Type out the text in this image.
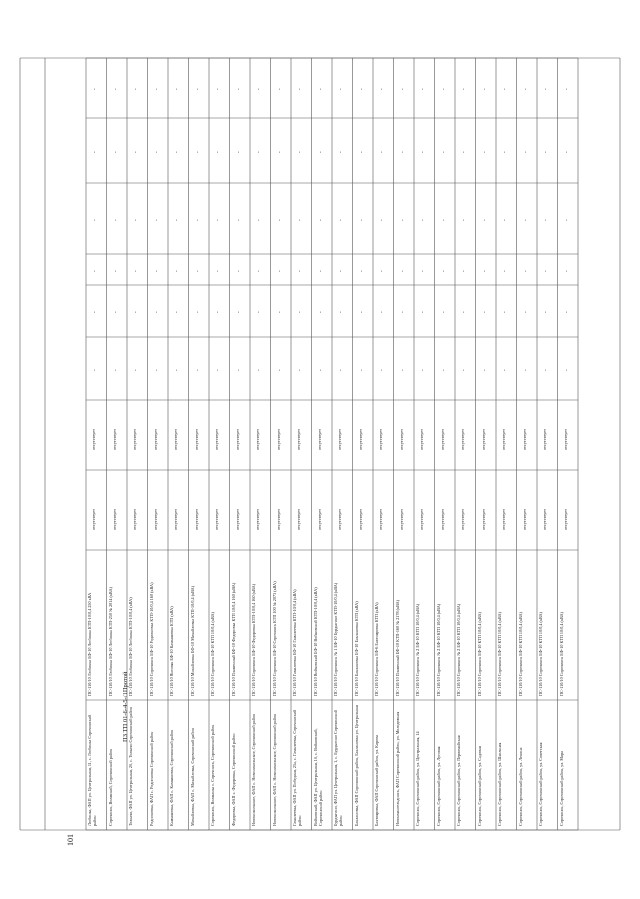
Любинка, ФАП ул. Центральная, 11, с. Любинка Сорочинский район
ПС-110/10 Любинка БФ-10 Любинка КТП-10/0,4 250 кВА
отсутствует
отсутствует
-
-
-
-
-
-
Сорочинск, Волжский, Сорочинский район
ПС-110/10 Любинка БФ-10 Любинка КТП-250 № 2014 (кВА)
отсутствует
отсутствует
-
-
-
-
-
-
Толкачи, ФАП ул. Центральная, 2б, с. Толкачи Сорочинский район
ПС-110/10 Любинка БФ-10 Любинка КТП-10/0,4 (кВА)
отсутствует
отсутствует
-
-
-
-
-
-
Родионовка, ФАП с. Родионовка Сорочинский район
ПС-110/10 Сорочинск БФ-10 Родионовка КТП-10/0,4 160 (кВА)
отсутствует
отсутствует
-
-
-
-
-
-
Камышовка, ФАП с. Камышовка, Сорочинский район
ПС-110/10 Янгизяк БФ-10 Камышовка КТП (кВА)
отсутствует
отсутствует
-
-
-
-
-
-
Михайловка, ФАП с. Михайловка, Сорочинский район
ПС-110/10 Михайловка БФ-10 Михайловка КТП-10/0,4 (кВА)
отсутствует
отсутствует
-
-
-
-
-
-
Сорочинск, Волжанка с. Сорочинск, Сорочинский район
ПС-110/10 Сорочинск БФ-10 КТП 10/0,4 (кВА)
отсутствует
отсутствует
-
-
-
-
-
-
Федоровка, ФАП с. Федоровка, Сорочинский район
ПС-110/10 Пламенный БФ-10 Федоровка КТП 10/0,4 160 (кВА)
отсутствует
отсутствует
-
-
-
-
-
-
Новоникольское, ФАП с. Новоникольское, Сорочинский район
ПС-110/10 Сорочинск БФ-10 Федоровка КТП-10/0,4 160 (кВА)
отсутствует
отсутствует
-
-
-
-
-
-
Новоникольское, ФАП с. Новоникольское, Сорочинский район
ПС-110/10 Сорочинск БФ-10 Сорочинск КТП 100 № 2073 (кВА)
отсутствует
отсутствует
-
-
-
-
-
-
Гамалеевка, ФАП ул. Победная, 25а, с. Гамалеевка, Сорочинский район
ПС-110/10 Гамалеевка БФ-10 Гамалеевка КТП-10/0,4 (кВА)
отсутствует
отсутствует
-
-
-
-
-
-
Войковский, ФАП ул. Центральная, 1б, с. Войковский, Сорочинский район
ПС-110/10 Войковский БФ-10 Войковский КТП-10/0,4 (кВА)
отсутствует
отсутствует
-
-
-
-
-
-
Бурдыгино, ФАП ул. Центральная, 1, с. Бурдыгино Сорочинский район
ПС-110/10 Сорочинск № 1 БФ-10 Бурдыгино КТП-10/0,4 (кВА)
отсутствует
отсутствует
-
-
-
-
-
-
Баклановка, ФАП Сорочинский район, Баклановка ул. Центральная
ПС-110/10 Баклановка БФ-10 Баклановка КТП (кВА)
отсутствует
отсутствует
-
-
-
-
-
-
Бахтияровка, ФАП Сорочинский район, ул. Кирова
ПС-110/10 Сорочинск БФ-6 Бахтияровка КТП (кВА)
отсутствует
отсутствует
-
-
-
-
-
-
Новоамангельдинск, ФАП Сорочинский район, ул. Молодежная
ПС-110/10 Пламенный БФ-10 КТП-160 № 2178 (кВА)
отсутствует
отсутствует
-
-
-
-
-
-
Сорочинск, Сорочинский район, ул. Центральная, 14
ПС-110/10 Сорочинск № 2 БФ-10 КТП 10/0,4 (кВА)
отсутствует
отсутствует
-
-
-
-
-
-
Сорочинск, Сорочинский район, ул. Луговая
ПС-110/10 Сорочинск № 2 БФ-10 КТП 10/0,4 (кВА)
отсутствует
отсутствует
-
-
-
-
-
-
Сорочинск, Сорочинский район, ул. Первомайская
ПС-110/10 Сорочинск № 2 БФ-10 КТП 10/0,4 (кВА)
отсутствует
отсутствует
-
-
-
-
-
-
Сорочинск, Сорочинский район, ул. Садовая
ПС-110/10 Сорочинск БФ-10 КТП 10/0,4 (кВА)
отсутствует
отсутствует
-
-
-
-
-
-
Сорочинск, Сорочинский район, ул. Школьная
ПС-110/10 Сорочинск БФ-10 КТП 10/0,4 (кВА)
отсутствует
отсутствует
-
-
-
-
-
-
Сорочинск, Сорочинский район, ул. Ленина
ПС-110/10 Сорочинск БФ-10 КТП 10/0,4 (кВА)
отсутствует
отсутствует
-
-
-
-
-
-
Сорочинск, Сорочинский район, ул. Советская
ПС-110/10 Сорочинск БФ-10 КТП 10/0,4 (кВА)
отсутствует
отсутствует
-
-
-
-
-
-
Сорочинск, Сорочинский район, ул. Мира
ПС-110/10 Сорочинск БФ-10 КТП 10/0,4 (кВА)
отсутствует
отсутствует
-
-
-
-
-
-
101
ПЗ ТП 01-6-4-5-/1Протой
